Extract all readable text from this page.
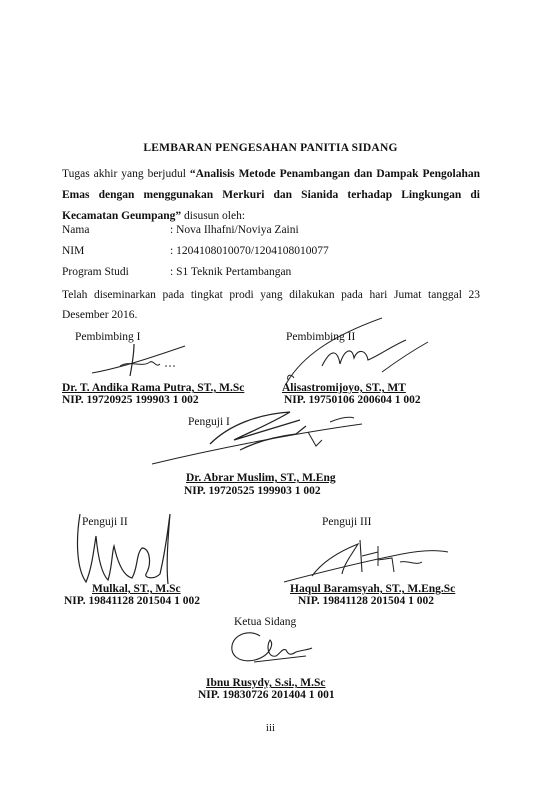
LEMBARAN PENGESAHAN PANITIA SIDANG
Tugas akhir yang berjudul “Analisis Metode Penambangan dan Dampak Pengolahan Emas dengan menggunakan Merkuri dan Sianida terhadap Lingkungan di Kecamatan Geumpang” disusun oleh:
Nama	: Nova Ilhafni/Noviya Zaini
NIM	: 1204108010070/1204108010077
Program Studi	: S1 Teknik Pertambangan
Telah diseminarkan pada tingkat prodi yang dilakukan pada hari Jumat tanggal 23 Desember 2016.
Pembimbing I
Dr. T. Andika Rama Putra, ST., M.Sc
NIP. 19720925 199903 1 002
Pembimbing II
Alisastromijoyo, ST., MT
NIP. 19750106 200604 1 002
Penguji I
Dr. Abrar Muslim, ST., M.Eng
NIP. 19720525 199903 1 002
Penguji II
Mulkal, ST., M.Sc
NIP. 19841128 201504 1 002
Penguji III
Haqul Baramsyah, ST., M.Eng.Sc
NIP. 19841128 201504 1 002
Ketua Sidang
Ibnu Rusydy, S.si., M.Sc
NIP. 19830726 201404 1 001
iii
